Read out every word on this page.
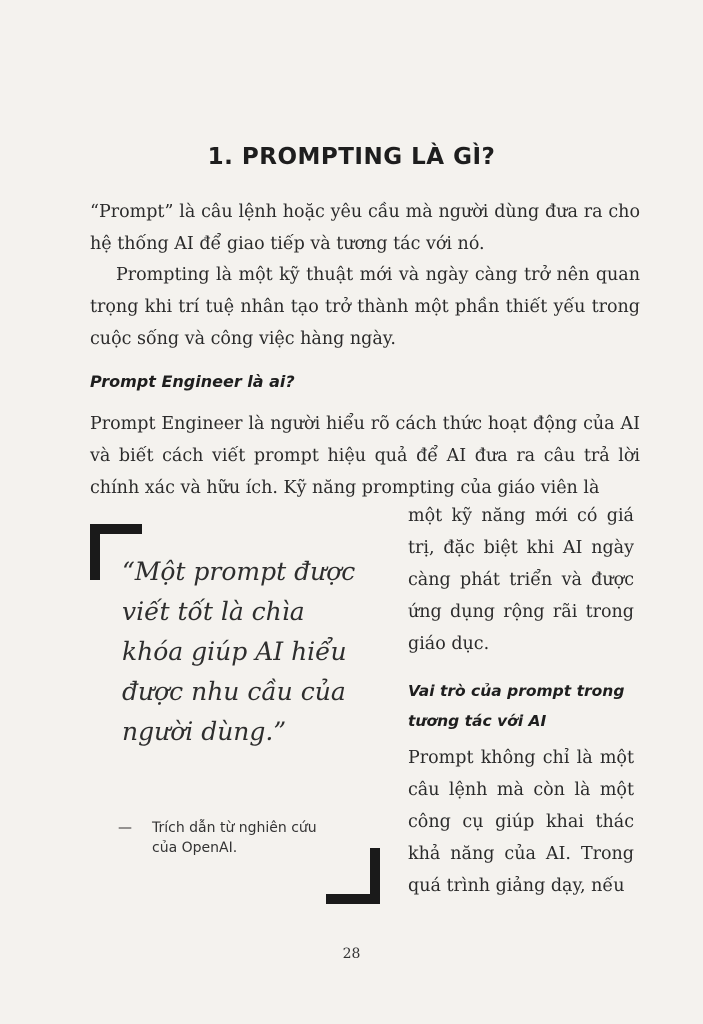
1. PROMPTING LÀ GÌ?

“Prompt” là câu lệnh hoặc yêu cầu mà người dùng đưa ra cho hệ thống AI để giao tiếp và tương tác với nó.

Prompting là một kỹ thuật mới và ngày càng trở nên quan trọng khi trí tuệ nhân tạo trở thành một phần thiết yếu trong cuộc sống và công việc hàng ngày.

Prompt Engineer là ai?

Prompt Engineer là người hiểu rõ cách thức hoạt động của AI và biết cách viết prompt hiệu quả để AI đưa ra câu trả lời chính xác và hữu ích. Kỹ năng prompting của giáo viên là

một kỹ năng mới có giá trị, đặc biệt khi AI ngày càng phát triển và được ứng dụng rộng rãi trong giáo dục.

Vai trò của prompt trong tương tác với AI

Prompt không chỉ là một câu lệnh mà còn là một công cụ giúp khai thác khả năng của AI. Trong quá trình giảng dạy, nếu

“Một prompt được viết tốt là chìa khóa giúp AI hiểu được nhu cầu của người dùng.”

— Trích dẫn từ nghiên cứu
của OpenAI.
28
